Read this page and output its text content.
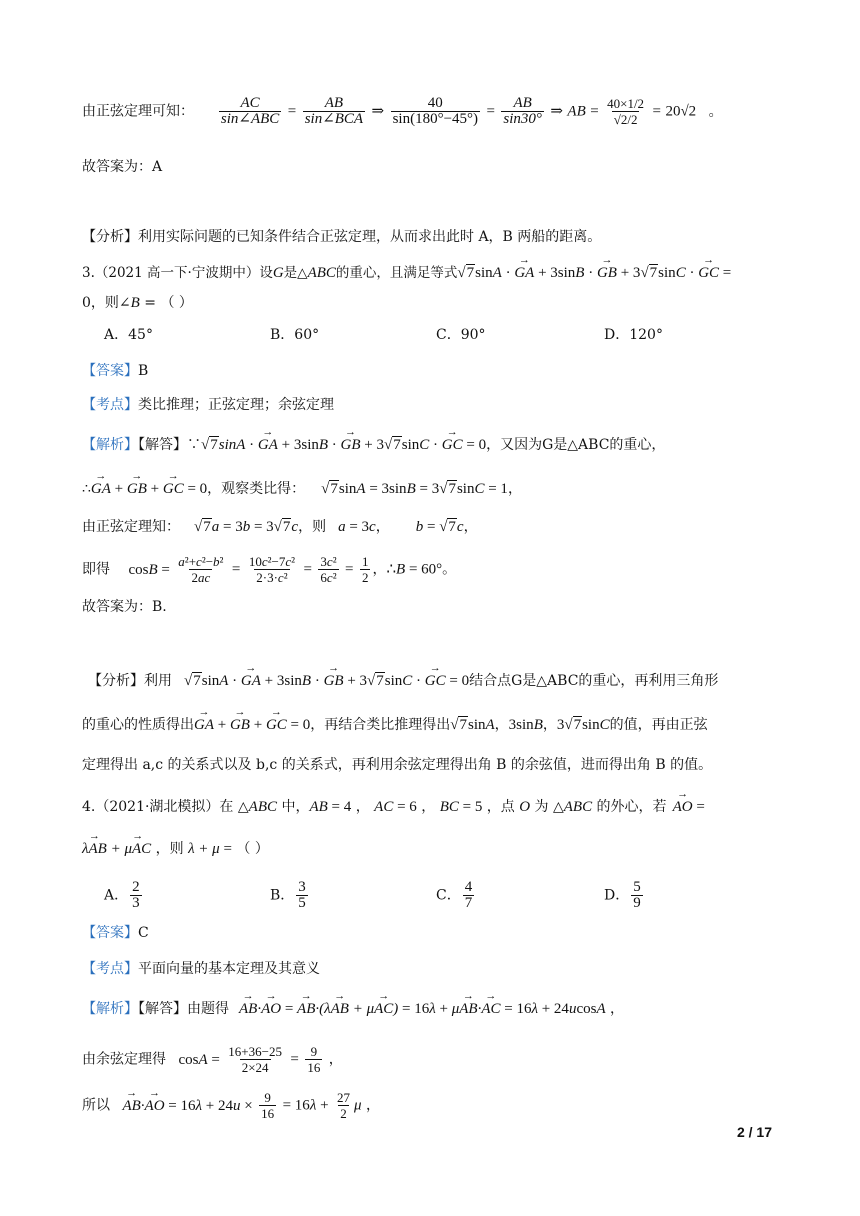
由正弦定理可知： $\frac{AC}{\text{sin∠ABC}} = \frac{AB}{\text{sin∠BCA}}$ ⇒ $\frac{40}{\sin(180^\circ-45^\circ)} = \frac{AB}{\sin 30^\circ}$ ⇒ AB = $\frac{40\times 1/2}{√2/2} = 20√2$ 。
故答案为：A
【分析】利用实际问题的已知条件结合正弦定理，从而求出此时 A，B 两船的距离。
3.（2021 高一下·宁波期中）设G是△ABC的重心，且满足等式√7sinA · → GA + 3sinB · → GB + 3√7sinC · → GC =
0，则∠B = （ ）
A．45°	B．60°	C．90°	D．120°
【答案】B
【考点】类比推理；正弦定理；余弦定理
【解析】【解答】∵√7sinA · → GA + 3sinB · → GB + 3√7sinC · → GC = 0，又因为G是△ABC的重心，
∴→ GA + → GB + → GC = 0，观察类比得： √7sinA = 3sinB = 3√7sinC = 1，
由正弦定理知： √7a = 3b = 3√7c，则 a = 3c， b = √7c，
即得 $\cos B = \frac{\text{a²+c²−b²}}{2ac} = \frac{\text{10c²−7c²}}{\text{2·3·c²}} = \frac{\text{3c²}}{\text{6c²}} = \frac{1}{2}$ ，∴B = 60°。
故答案为：B.
【分析】利用 √7sinA · → GA + 3sinB · → GB + 3√7sinC · → GC = 0结合点G是△ABC的重心，再利用三角形
的重心的性质得出→ GA + → GB + → GC = 0，再结合类比推理得出√7sinA，3sinB，3√7sinC的值，再由正弦
定理得出 a,c 的关系式以及 b,c 的关系式，再利用余弦定理得出角 B 的余弦值，进而得出角 B 的值。
4.（2021·湖北模拟）在 △ABC 中，AB = 4 ， AC = 6 ， BC = 5 ，点 O 为 △ABC 的外心，若 → AO =
→ λAB + → μAC ，则 λ + μ = （ ）
A． $\frac{2}{3}$	B． $\frac{3}{5}$	C． $\frac{4}{7}$	D． $\frac{5}{9}$
【答案】C
【考点】平面向量的基本定理及其意义
【解析】【解答】由题得 → AB·→ AO = → AB·(λ→ AB + μ→ AC) = 16λ + μ→ AB·→ AC = 16λ + 24ucosA ，
由余弦定理得 $\cos A = \frac{16+36-25}{2\times 24} = \frac{9}{16}$ ，
所以 → AB·→ AO = $16\lambda + 24u \times \frac{9}{16} = 16\lambda + \frac{27}{2}$ μ ，
2 / 17
